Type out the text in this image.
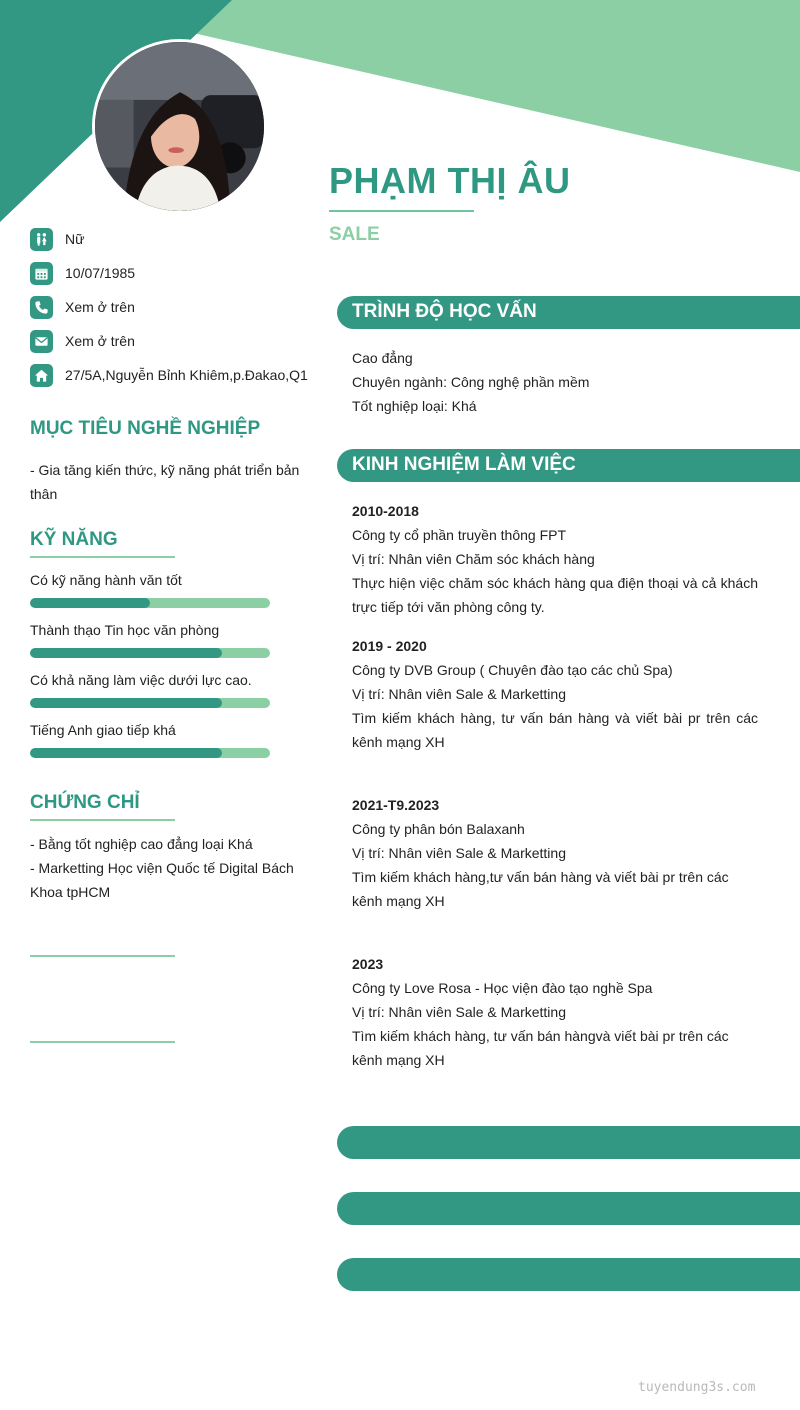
PHẠM THỊ ÂU
SALE
Nữ
10/07/1985
Xem ở trên
Xem ở trên
27/5A,Nguyễn Bỉnh Khiêm,p.Đakao,Q1
MỤC TIÊU NGHỀ NGHIỆP
- Gia tăng kiến thức, kỹ năng phát triển bản thân
KỸ NĂNG
Có kỹ năng hành văn tốt
Thành thạo Tin học văn phòng
Có khả năng làm việc dưới lực cao.
Tiếng Anh giao tiếp khá
CHỨNG CHỈ
- Bằng tốt nghiệp cao đẳng loại Khá
- Marketting Học viện Quốc tế Digital Bách Khoa tpHCM
TRÌNH ĐỘ HỌC VẤN
Cao đẳng
Chuyên ngành: Công nghệ phần mềm
Tốt nghiệp loại: Khá
KINH NGHIỆM LÀM VIỆC
2010-2018
Công ty cổ phần truyền thông FPT
Vị trí: Nhân viên Chăm sóc khách hàng
Thực hiện việc chăm sóc khách hàng qua điện thoại và cả khách trực tiếp tới văn phòng công ty.
2019 - 2020
Công ty DVB Group ( Chuyên đào tạo các chủ Spa)
Vị trí: Nhân viên Sale & Marketting
Tìm kiếm khách hàng, tư vấn bán hàng và viết bài pr trên các kênh mạng XH
2021-T9.2023
Công ty phân bón Balaxanh
Vị trí: Nhân viên Sale & Marketting
Tìm kiếm khách hàng,tư vấn bán hàng và viết bài pr trên các kênh mạng XH
2023
Công ty Love Rosa - Học viện đào tạo nghề Spa
Vị trí: Nhân viên Sale & Marketting
Tìm kiếm khách hàng, tư vấn bán hàngvà viết bài pr trên các kênh mạng XH
tuyendung3s.com
